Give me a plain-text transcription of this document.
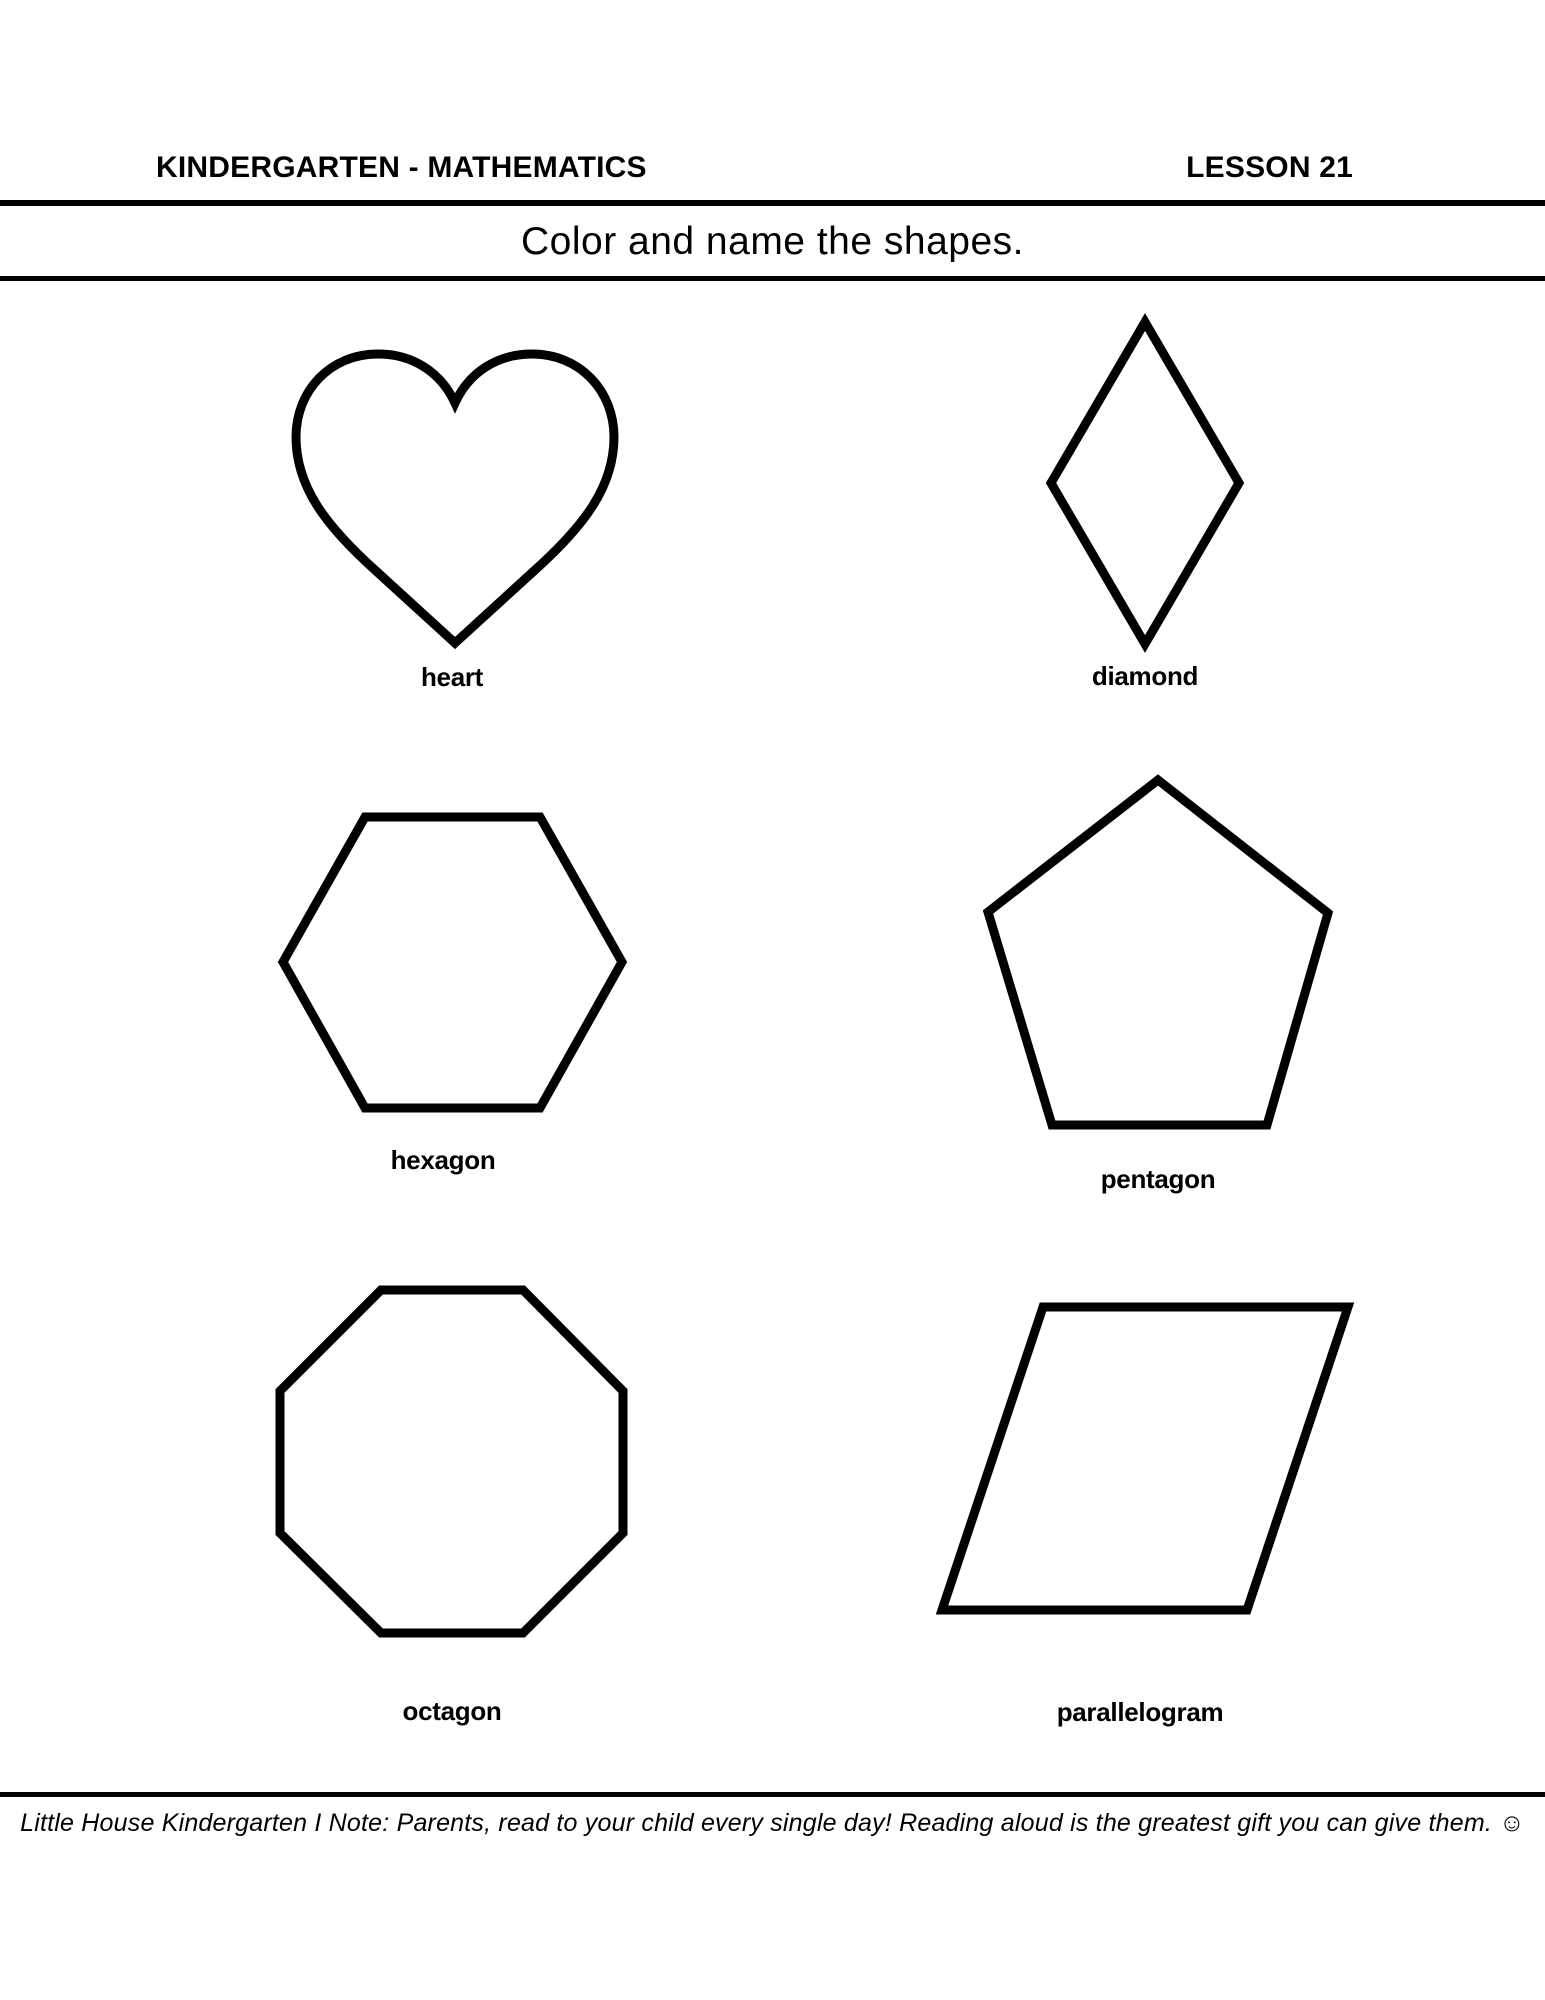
KINDERGARTEN - MATHEMATICS	LESSON 21
Color and name the shapes.
heart	diamond
hexagon
pentagon
octagon	parallelogram
Little House Kindergarten I Note: Parents, read to your child every single day! Reading aloud is the greatest gift you can give them. ☺
